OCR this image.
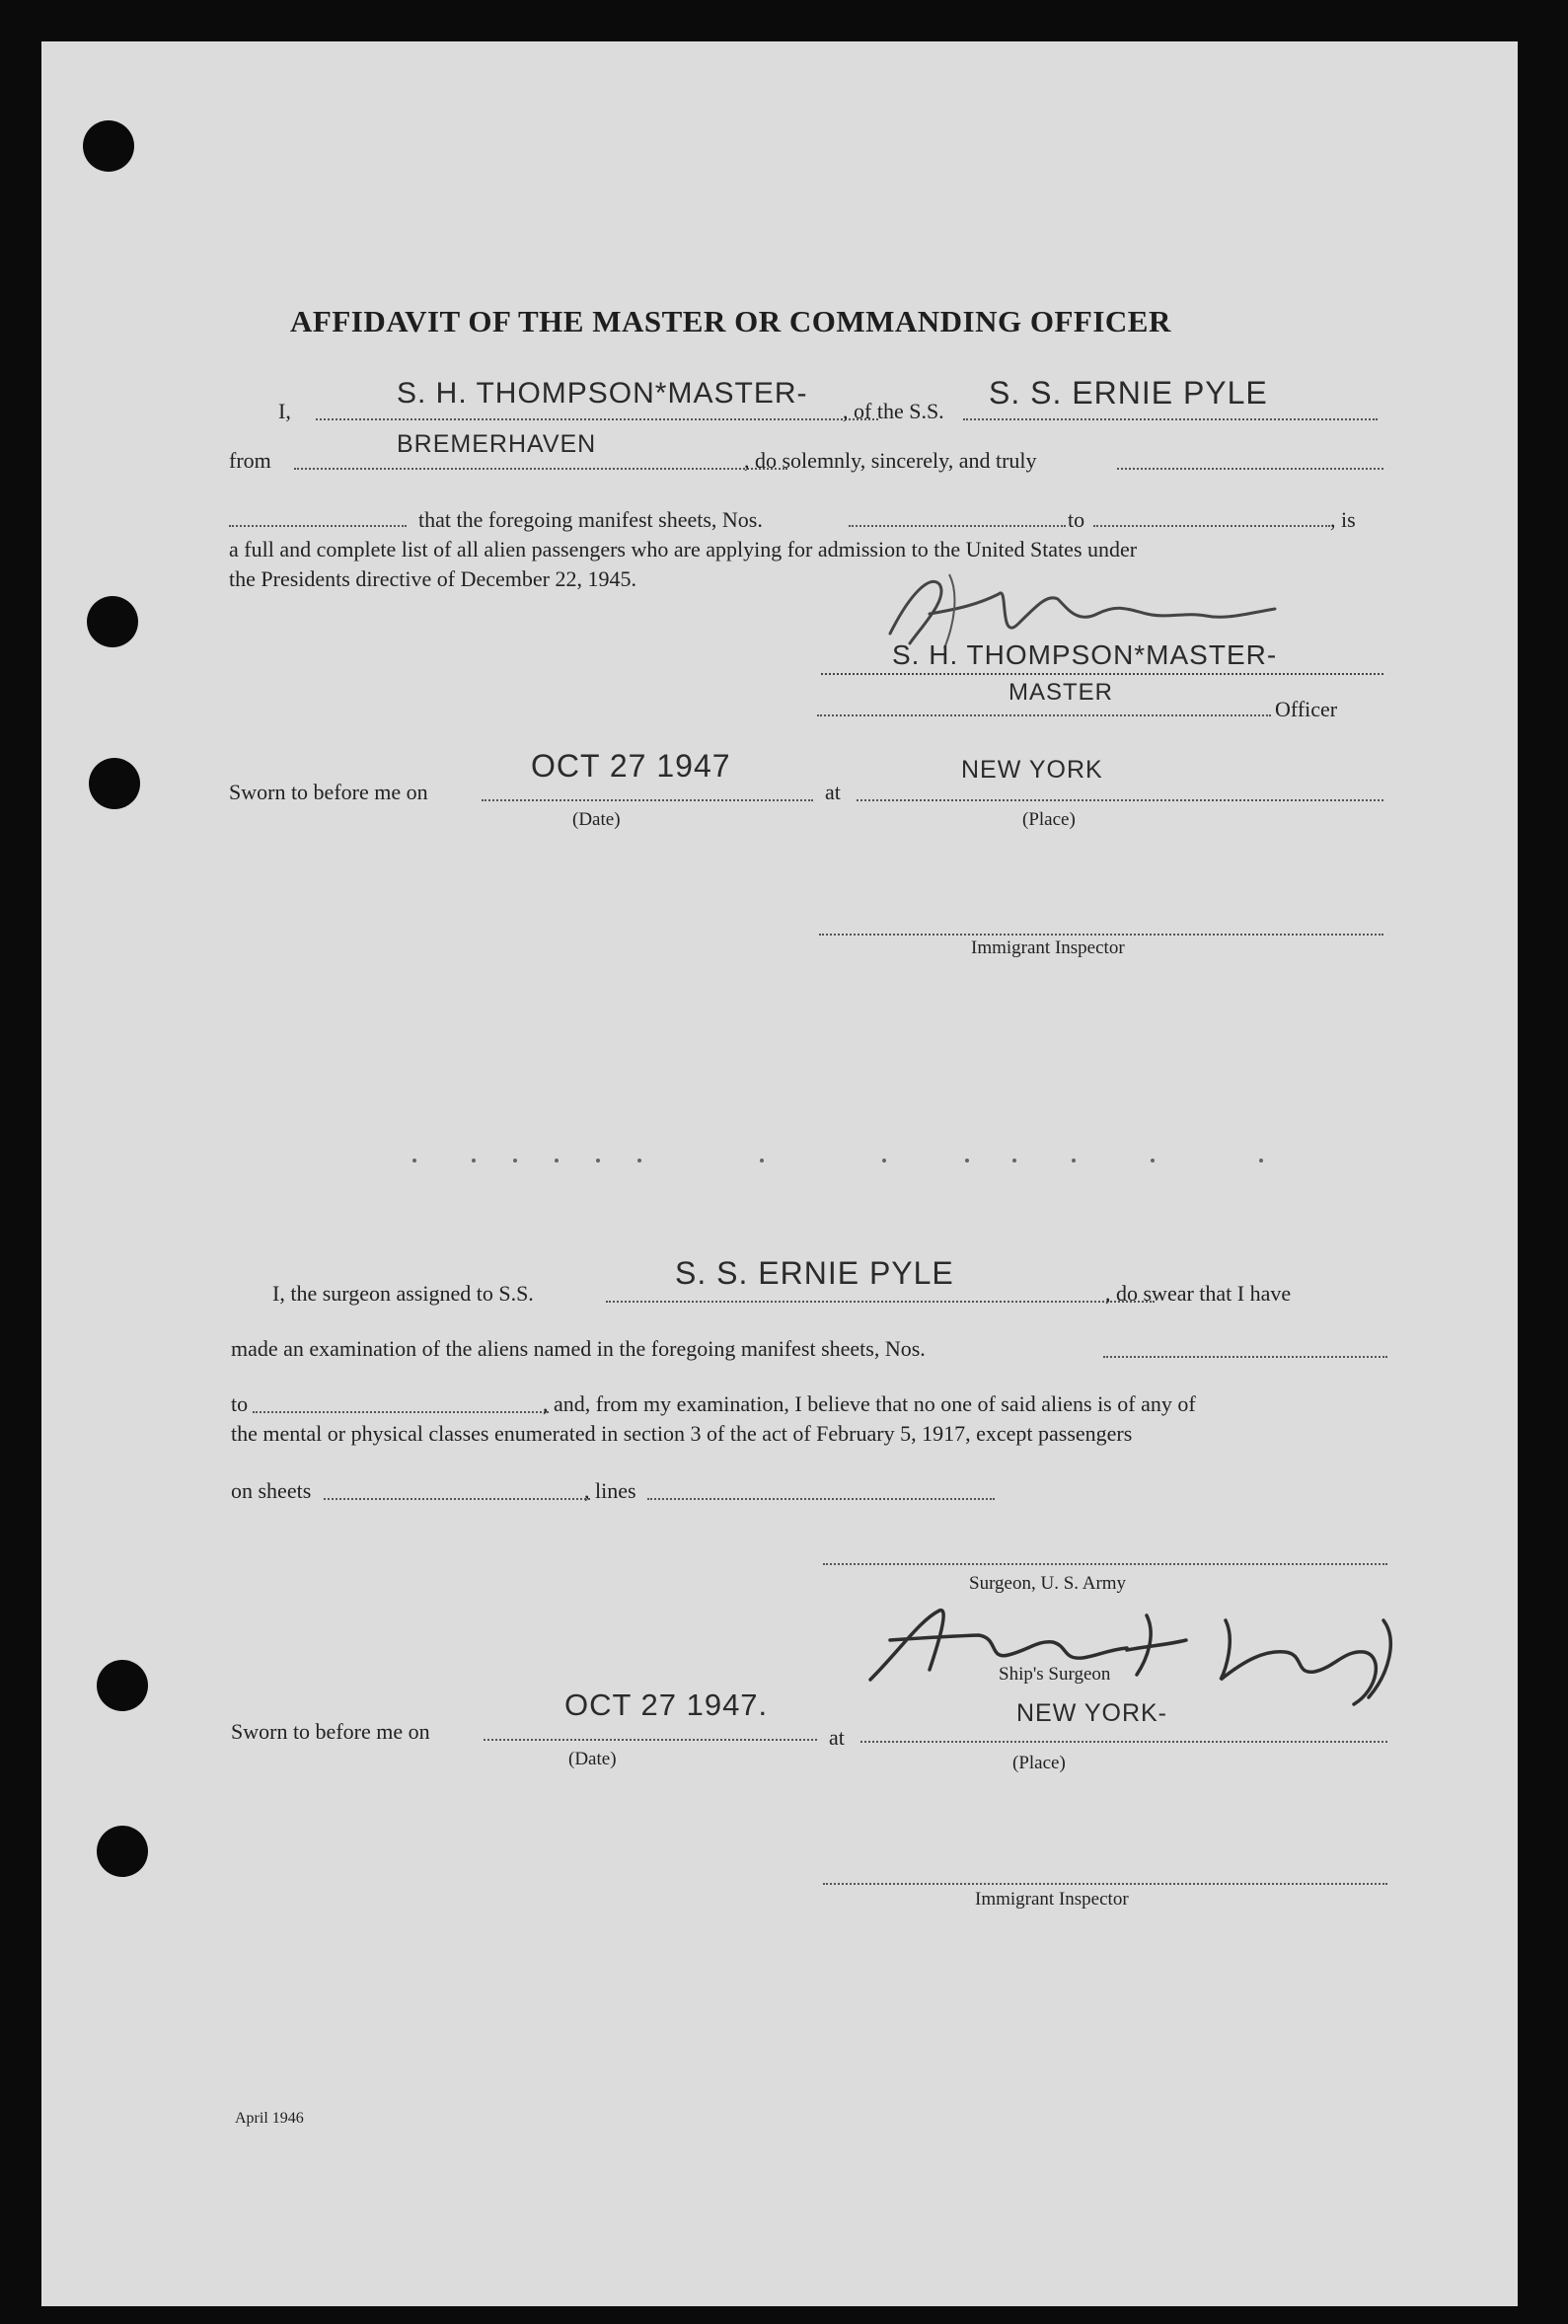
AFFIDAVIT OF THE MASTER OR COMMANDING OFFICER
I,
S. H. THOMPSON*MASTER-
, of the S.S.
S. S. ERNIE PYLE
from
BREMERHAVEN
, do solemnly, sincerely, and truly
that the foregoing manifest sheets, Nos.	to	, is
a full and complete list of all alien passengers who are applying for admission to the United States under
the Presidents directive of December 22, 1945.
S. H. THOMPSON*MASTER-
MASTER
Officer
Sworn to before me on
OCT 27 1947
at
NEW YORK
(Date)	(Place)
Immigrant Inspector
I, the surgeon assigned to S.S.
S. S. ERNIE PYLE
, do swear that I have
made an examination of the aliens named in the foregoing manifest sheets, Nos.
to	, and, from my examination, I believe that no one of said aliens is of any of
the mental or physical classes enumerated in section 3 of the act of February 5, 1917, except passengers
on sheets	, lines
Surgeon, U. S. Army
Ship's Surgeon
Sworn to before me on
OCT 27 1947.
at
NEW YORK-
(Date)	(Place)
Immigrant Inspector
April 1946
